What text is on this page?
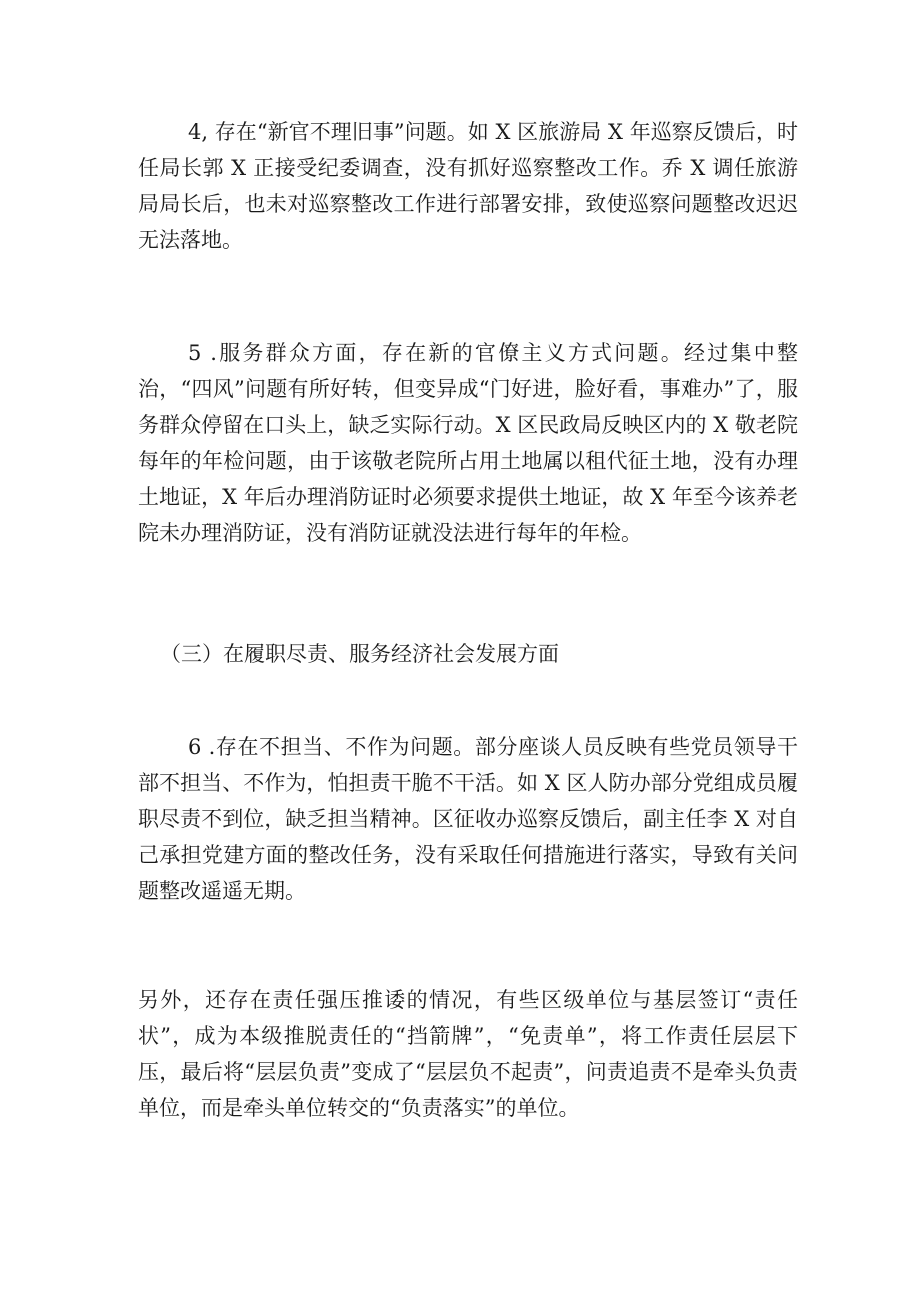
4, 存在“新官不理旧事”问题。如 X 区旅游局 X 年巡察反馈后，时任局长郭 X 正接受纪委调查，没有抓好巡察整改工作。乔 X 调任旅游局局长后，也未对巡察整改工作进行部署安排，致使巡察问题整改迟迟无法落地。

5 .服务群众方面，存在新的官僚主义方式问题。经过集中整治，“四风”问题有所好转，但变异成“门好进，脸好看，事难办”了，服务群众停留在口头上，缺乏实际行动。X 区民政局反映区内的 X 敬老院每年的年检问题，由于该敬老院所占用土地属以租代征土地，没有办理土地证，X 年后办理消防证时必须要求提供土地证，故 X 年至今该养老院未办理消防证，没有消防证就没法进行每年的年检。

（三）在履职尽责、服务经济社会发展方面

6 .存在不担当、不作为问题。部分座谈人员反映有些党员领导干部不担当、不作为，怕担责干脆不干活。如 X 区人防办部分党组成员履职尽责不到位，缺乏担当精神。区征收办巡察反馈后，副主任李 X 对自己承担党建方面的整改任务，没有采取任何措施进行落实，导致有关问题整改遥遥无期。

另外，还存在责任强压推诿的情况，有些区级单位与基层签订“责任状”，成为本级推脱责任的“挡箭牌”，“免责单”，将工作责任层层下压，最后将“层层负责”变成了“层层负不起责”，问责追责不是牵头负责单位，而是牵头单位转交的“负责落实”的单位。
